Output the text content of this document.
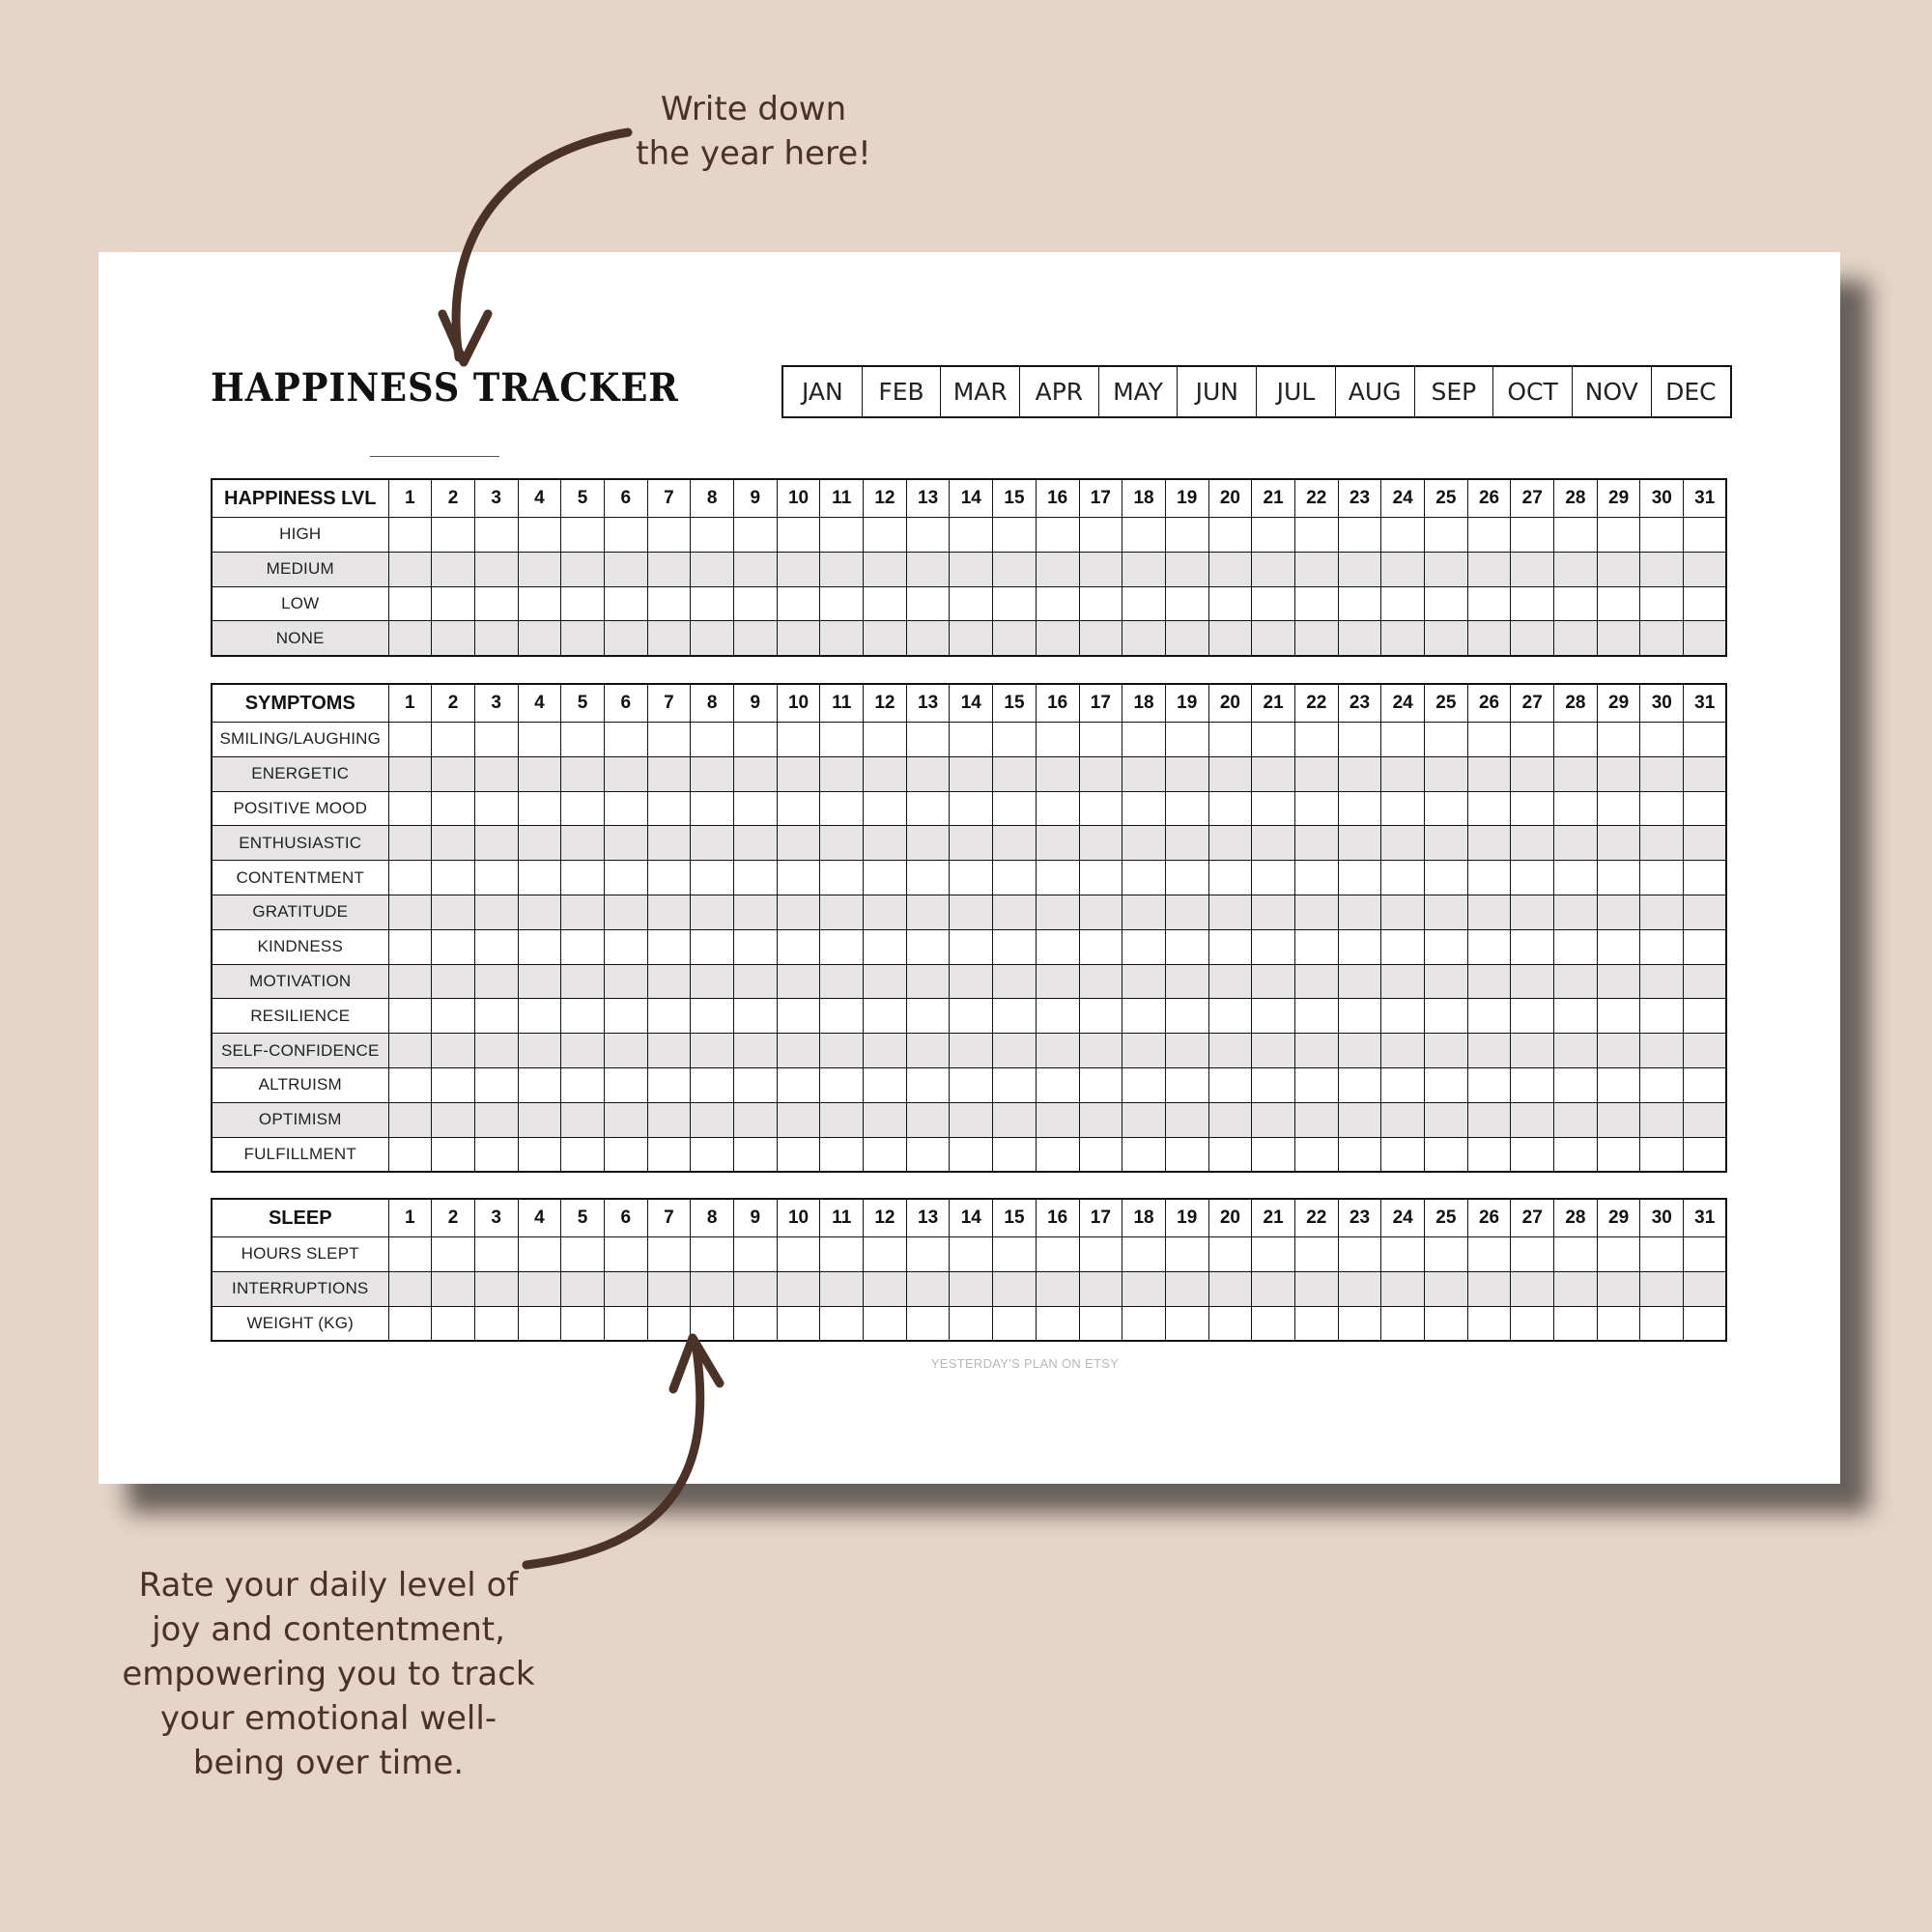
Write down
the year here!
HAPPINESS TRACKER	JAN	FEB	MAR	APR	MAY	JUN	JUL	AUG	SEP	OCT	NOV	DEC
HAPPINESS LVL	1	2	3	4	5	6	7	8	9	10	11	12	13	14	15	16	17	18	19	20	21	22	23	24	25	26	27	28	29	30	31
HIGH																															
MEDIUM																															
LOW																															
NONE																															
SYMPTOMS	1	2	3	4	5	6	7	8	9	10	11	12	13	14	15	16	17	18	19	20	21	22	23	24	25	26	27	28	29	30	31
SMILING/LAUGHING																															
ENERGETIC																															
POSITIVE MOOD																															
ENTHUSIASTIC																															
CONTENTMENT																															
GRATITUDE																															
KINDNESS																															
MOTIVATION																															
RESILIENCE																															
SELF-CONFIDENCE																															
ALTRUISM																															
OPTIMISM																															
FULFILLMENT																															
SLEEP	1	2	3	4	5	6	7	8	9	10	11	12	13	14	15	16	17	18	19	20	21	22	23	24	25	26	27	28	29	30	31
HOURS SLEPT																															
INTERRUPTIONS																															
WEIGHT (KG)																															
YESTERDAY'S PLAN ON ETSY
Rate your daily level of
joy and contentment,
empowering you to track
your emotional well-
being over time.
